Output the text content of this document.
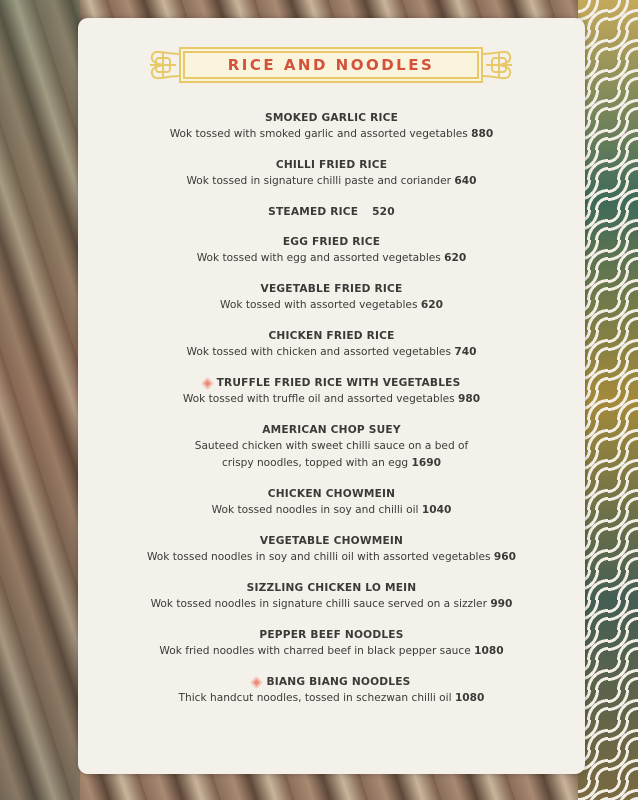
RICE AND NOODLES
SMOKED GARLIC RICE
Wok tossed with smoked garlic and assorted vegetables 880
CHILLI FRIED RICE
Wok tossed in signature chilli paste and coriander 640
STEAMED RICE
520
EGG FRIED RICE
Wok tossed with egg and assorted vegetables 620
VEGETABLE FRIED RICE
Wok tossed with assorted vegetables 620
CHICKEN FRIED RICE
Wok tossed with chicken and assorted vegetables 740
TRUFFLE FRIED RICE WITH VEGETABLES
Wok tossed with truffle oil and assorted vegetables 980
AMERICAN CHOP SUEY
Sauteed chicken with sweet chilli sauce on a bed of
crispy noodles, topped with an egg 1690
CHICKEN CHOWMEIN
Wok tossed noodles in soy and chilli oil 1040
VEGETABLE CHOWMEIN
Wok tossed noodles in soy and chilli oil with assorted vegetables 960
SIZZLING CHICKEN LO MEIN
Wok tossed noodles in signature chilli sauce served on a sizzler 990
PEPPER BEEF NOODLES
Wok fried noodles with charred beef in black pepper sauce 1080
BIANG BIANG NOODLES
Thick handcut noodles, tossed in schezwan chilli oil 1080
